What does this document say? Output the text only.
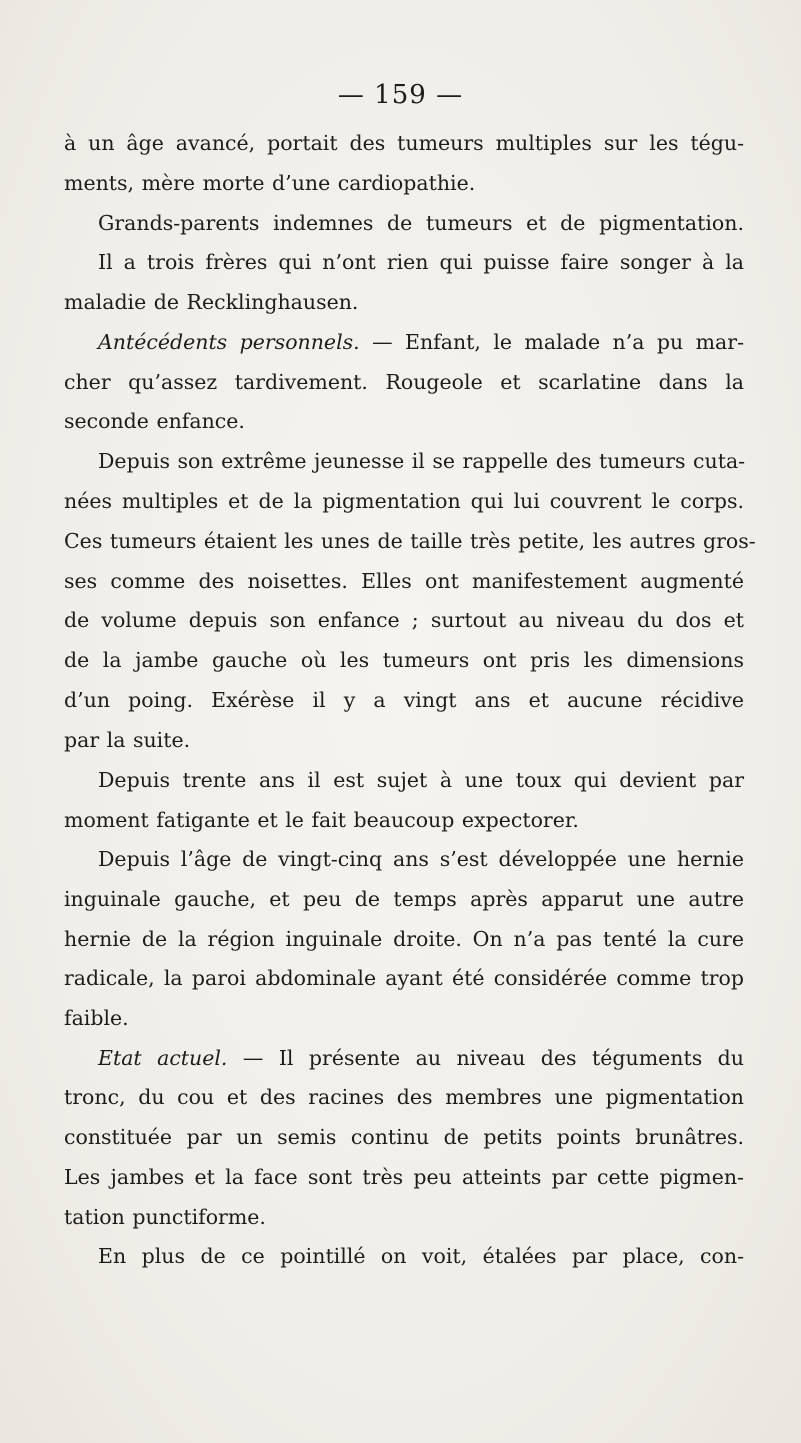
— 159 —
à un âge avancé, portait des tumeurs multiples sur les tégu-
ments, mère morte d’une cardiopathie.
Grands-parents indemnes de tumeurs et de pigmentation.
Il a trois frères qui n’ont rien qui puisse faire songer à la
maladie de Recklinghausen.
Antécédents personnels. — Enfant, le malade n’a pu mar-
cher qu’assez tardivement. Rougeole et scarlatine dans la
seconde enfance.
Depuis son extrême jeunesse il se rappelle des tumeurs cuta-
nées multiples et de la pigmentation qui lui couvrent le corps.
Ces tumeurs étaient les unes de taille très petite, les autres gros-
ses comme des noisettes. Elles ont manifestement augmenté
de volume depuis son enfance ; surtout au niveau du dos et
de la jambe gauche où les tumeurs ont pris les dimensions
d’un poing. Exérèse il y a vingt ans et aucune récidive
par la suite.
Depuis trente ans il est sujet à une toux qui devient par
moment fatigante et le fait beaucoup expectorer.
Depuis l’âge de vingt-cinq ans s’est développée une hernie
inguinale gauche, et peu de temps après apparut une autre
hernie de la région inguinale droite. On n’a pas tenté la cure
radicale, la paroi abdominale ayant été considérée comme trop
faible.
Etat actuel. — Il présente au niveau des téguments du
tronc, du cou et des racines des membres une pigmentation
constituée par un semis continu de petits points brunâtres.
Les jambes et la face sont très peu atteints par cette pigmen-
tation punctiforme.
En plus de ce pointillé on voit, étalées par place, con-
